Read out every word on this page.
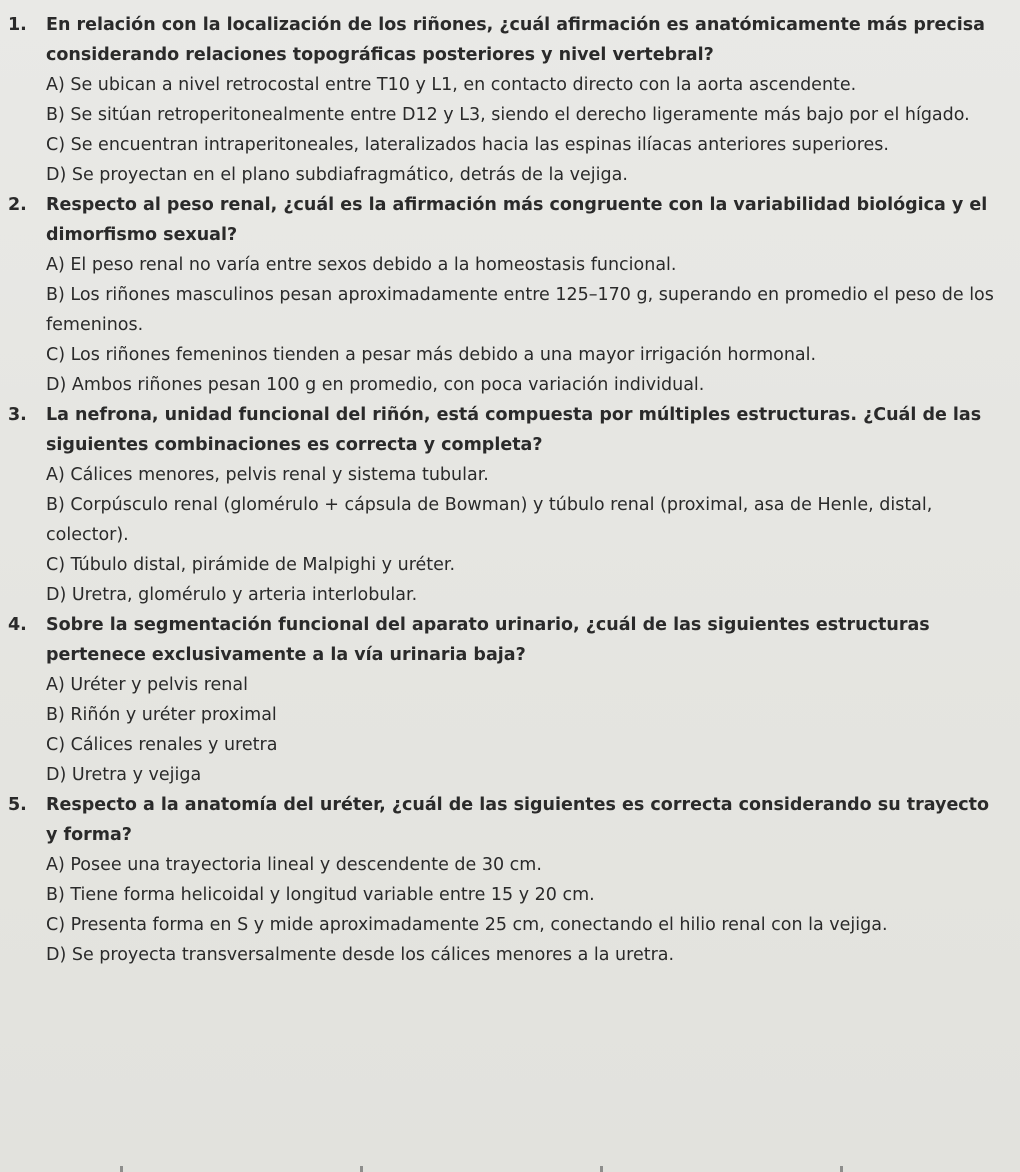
1.	En relación con la localización de los riñones, ¿cuál afirmación es anatómicamente más precisa considerando relaciones topográficas posteriores y nivel vertebral?
A) Se ubican a nivel retrocostal entre T10 y L1, en contacto directo con la aorta ascendente.
B) Se sitúan retroperitonealmente entre D12 y L3, siendo el derecho ligeramente más bajo por el hígado.
C) Se encuentran intraperitoneales, lateralizados hacia las espinas ilíacas anteriores superiores.
D) Se proyectan en el plano subdiafragmático, detrás de la vejiga.
2.	Respecto al peso renal, ¿cuál es la afirmación más congruente con la variabilidad biológica y el dimorfismo sexual?
A) El peso renal no varía entre sexos debido a la homeostasis funcional.
B) Los riñones masculinos pesan aproximadamente entre 125–170 g, superando en promedio el peso de los femeninos.
C) Los riñones femeninos tienden a pesar más debido a una mayor irrigación hormonal.
D) Ambos riñones pesan 100 g en promedio, con poca variación individual.
3.	La nefrona, unidad funcional del riñón, está compuesta por múltiples estructuras. ¿Cuál de las siguientes combinaciones es correcta y completa?
A) Cálices menores, pelvis renal y sistema tubular.
B) Corpúsculo renal (glomérulo + cápsula de Bowman) y túbulo renal (proximal, asa de Henle, distal, colector).
C) Túbulo distal, pirámide de Malpighi y uréter.
D) Uretra, glomérulo y arteria interlobular.
4.	Sobre la segmentación funcional del aparato urinario, ¿cuál de las siguientes estructuras pertenece exclusivamente a la vía urinaria baja?
A) Uréter y pelvis renal
B) Riñón y uréter proximal
C) Cálices renales y uretra
D) Uretra y vejiga
5.	Respecto a la anatomía del uréter, ¿cuál de las siguientes es correcta considerando su trayecto y forma?
A) Posee una trayectoria lineal y descendente de 30 cm.
B) Tiene forma helicoidal y longitud variable entre 15 y 20 cm.
C) Presenta forma en S y mide aproximadamente 25 cm, conectando el hilio renal con la vejiga.
D) Se proyecta transversalmente desde los cálices menores a la uretra.
